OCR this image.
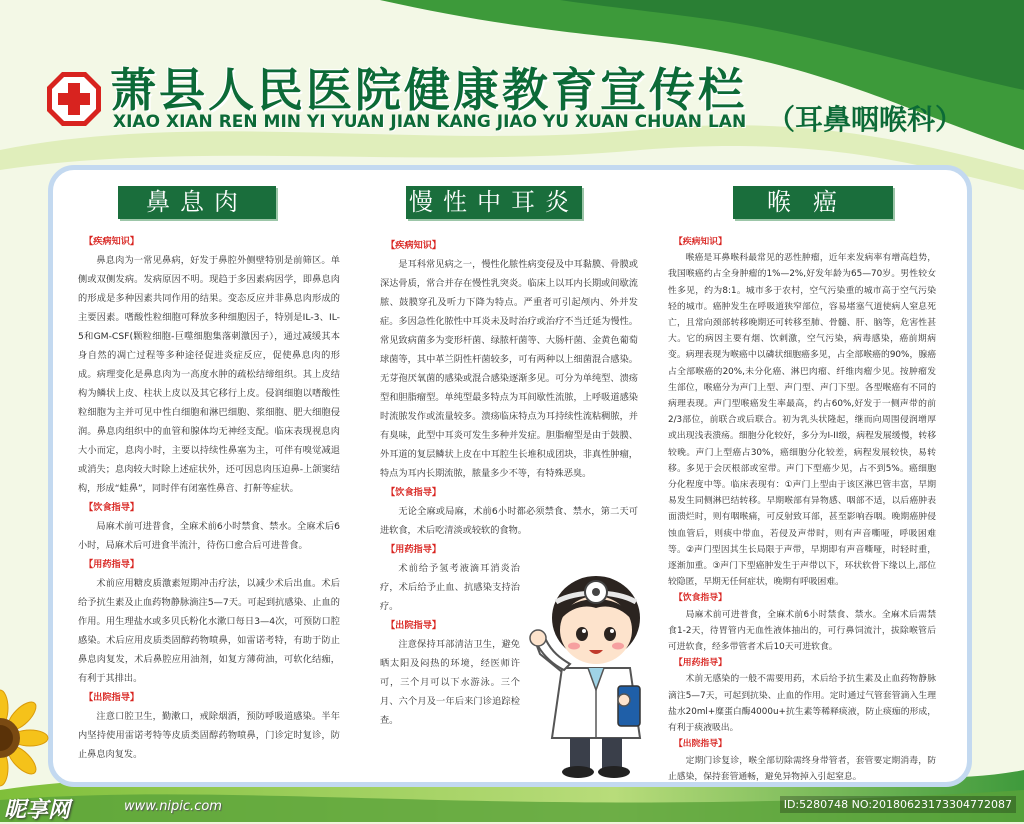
萧县人民医院健康教育宣传栏
XIAO XIAN REN MIN YI YUAN JIAN KANG JIAO YU XUAN CHUAN LAN （耳鼻咽喉科）
鼻息肉	慢性中耳炎	喉癌

【疾病知识】

鼻息肉为一常见鼻病，好发于鼻腔外侧壁特别是前筛区。单侧或双侧发病。发病原因不明。现趋于多因素病因学，即鼻息肉的形成是多种因素共同作用的结果。变态反应并非鼻息肉形成的主要因素。嗜酸性粒细胞可释放多种细胞因子，特别是IL-3、IL-5和GM-CSF(颗粒细胞-巨噬细胞集落刺激因子），通过减缓其本身自然的凋亡过程等多种途径促进炎症反应，促使鼻息肉的形成。病理变化是鼻息肉为一高度水肿的疏松结缔组织。其上皮结构为鳞状上皮、柱状上皮以及其它移行上皮。侵润细胞以嗜酸性粒细胞为主并可见中性白细胞和淋巴细胞、浆细胞、肥大细胞侵润。鼻息肉组织中的血管和腺体均无神经支配。临床表现视息肉大小而定，息肉小时，主要以持续性鼻塞为主，可伴有嗅觉减退或消失；息肉较大时除上述症状外，还可因息肉压迫鼻-上颌窦结构，形成“蛙鼻”，同时伴有闭塞性鼻音、打鼾等症状。

【饮食指导】

局麻术前可进普食，全麻术前6小时禁食、禁水。全麻术后6小时，局麻术后可进食半流汁，待伤口愈合后可进普食。

【用药指导】

术前应用糖皮质激素短期冲击疗法，以减少术后出血。术后给予抗生素及止血药物静脉滴注5—7天。可起到抗感染、止血的作用。用生理盐水或多贝氏粉化水漱口每日3—4次，可预防口腔感染。术后应用皮质类固醇药物喷鼻，如雷诺考特，有助于防止鼻息肉复发，术后鼻腔应用油剂，如复方薄荷油，可软化结痂，有利于其排出。

【出院指导】

注意口腔卫生，勤漱口，戒除烟酒，预防呼吸道感染。半年内坚持使用雷诺考特等皮质类固醇药物喷鼻，门诊定时复诊，防止鼻息肉复发。

【疾病知识】

是耳科常见病之一，慢性化脓性病变侵及中耳黏膜、骨膜或深达骨质，常合并存在慢性乳突炎。临床上以耳内长期或间歇流脓、鼓膜穿孔及听力下降为特点。严重者可引起颅内、外并发症。多因急性化脓性中耳炎未及时治疗或治疗不当迁延为慢性。常见致病菌多为变形杆菌、绿脓杆菌等、大肠杆菌、金黄色葡萄球菌等，其中革兰阴性杆菌较多，可有两种以上细菌混合感染。无芽孢厌氧菌的感染或混合感染逐渐多见。可分为单纯型、溃疡型和胆脂瘤型。单纯型最多特点为耳间歇性流脓，上呼吸道感染时流脓发作或流量较多。溃疡临床特点为耳持续性流粘稠脓，并有臭味，此型中耳炎可发生多种并发症。胆脂瘤型是由于鼓膜、外耳道的复层鳞状上皮在中耳腔生长堆积成团块，非真性肿瘤，特点为耳内长期流脓，脓量多少不等，有特殊恶臭。

【饮食指导】

无论全麻或局麻，术前6小时都必须禁食、禁水，第二天可进软食，术后吃清淡或较软的食物。

【用药指导】

术前给予氢考液滴耳消炎治疗，术后给予止血、抗感染支持治疗。

【出院指导】

注意保持耳部清洁卫生，避免晒太阳及闷热的环境，经医师许可，三个月可以下水游泳。三个月、六个月及一年后来门诊追踪检查。

【疾病知识】

喉癌是耳鼻喉科最常见的恶性肿瘤，近年来发病率有增高趋势，我国喉癌约占全身肿瘤的1%—2%,好发年龄为65—70岁。男性较女性多见，约为8:1。城市多于农村，空气污染重的城市高于空气污染轻的城市。癌肿发生在呼吸道狭窄部位，容易堵塞气道使病人窒息死亡，且常向颈部转移晚期还可转移至肺、骨髓、肝、脑等，危害性甚大。它的病因主要有烟、饮剌激，空气污染，病毒感染，癌前期病变。病理表现为喉癌中以磷状细胞癌多见，占全部喉癌的90%，腺癌占全部喉癌的20%,未分化癌、淋巴肉瘤、纤维肉瘤少见。按肿瘤发生部位，喉癌分为声门上型、声门型、声门下型。各型喉癌有不同的病理表现。声门型喉癌发生率最高，约占60%,好发于一侧声带的前2/3部位，前联合或后联合。初为乳头状隆起，继而向周围侵润增厚或出现浅表溃疡。细胞分化较好，多分为I-II级，病程发展缓慢，转移较晚。声门上型癌占30%，癌细胞分化较差，病程发展较快，易转移。多见于会厌根部或室带。声门下型癌少见，占不到5%。癌细胞分化程度中等。临床表现有：①声门上型由于该区淋巴管丰富，早期易发生同侧淋巴结转移。早期喉部有异物感、咽部不适，以后癌肿表面溃烂时，则有咽喉痛，可反射致耳部，甚至影响吞咽。晚期癌肿侵蚀血管后，则痰中带血，若侵及声带时，则有声音嘶哑，呼吸困难等。②声门型因其生长局限于声带，早期即有声音嘶哑，时轻时重，逐渐加重。③声门下型癌肿发生于声带以下，环状软骨下缘以上,部位较隐匿，早期无任何症状，晚期有呼吸困难。

【饮食指导】

局麻术前可进普食，全麻术前6小时禁食、禁水。全麻术后需禁食1-2天，待胃管内无血性液体抽出的，可行鼻饲流汁，拔除喉管后可进软食，经多带管者术后10天可进软食。

【用药指导】

术前无感染的一般不需要用药，术后给予抗生素及止血药物静脉滴注5—7天，可起到抗染、止血的作用。定时通过气管套管滴入生理盐水20ml+糜蛋白酶4000u+抗生素等稀释痰液，防止痰痂的形成，有利于痰液吸出。

【出院指导】

定期门诊复诊，喉全部切除需终身带管者，套管要定期消毒，防止感染，保持套管通畅，避免异物掉入引起窒息。

昵享网	www.nipic.com	ID:5280748 NO:20180623173304772087
